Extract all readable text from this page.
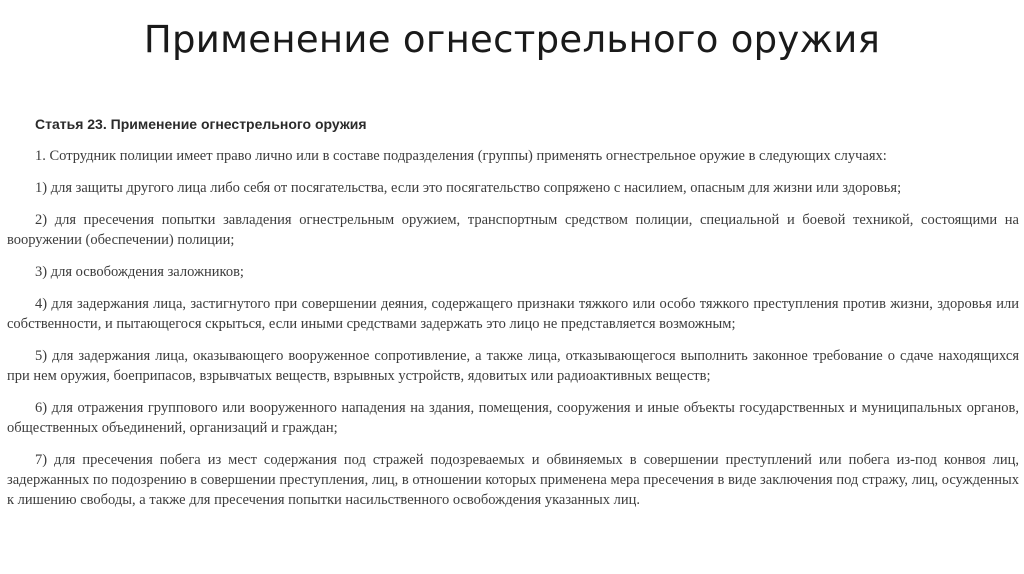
Применение огнестрельного оружия
Статья 23. Применение огнестрельного оружия

1. Сотрудник полиции имеет право лично или в составе подразделения (группы) применять огнестрельное оружие в следующих случаях:

1) для защиты другого лица либо себя от посягательства, если это посягательство сопряжено с насилием, опасным для жизни или здоровья;

2) для пресечения попытки завладения огнестрельным оружием, транспортным средством полиции, специальной и боевой техникой, состоящими на вооружении (обеспечении) полиции;

3) для освобождения заложников;

4) для задержания лица, застигнутого при совершении деяния, содержащего признаки тяжкого или особо тяжкого преступления против жизни, здоровья или собственности, и пытающегося скрыться, если иными средствами задержать это лицо не представляется возможным;

5) для задержания лица, оказывающего вооруженное сопротивление, а также лица, отказывающегося выполнить законное требование о сдаче находящихся при нем оружия, боеприпасов, взрывчатых веществ, взрывных устройств, ядовитых или радиоактивных веществ;

6) для отражения группового или вооруженного нападения на здания, помещения, сооружения и иные объекты государственных и муниципальных органов, общественных объединений, организаций и граждан;

7) для пресечения побега из мест содержания под стражей подозреваемых и обвиняемых в совершении преступлений или побега из-под конвоя лиц, задержанных по подозрению в совершении преступления, лиц, в отношении которых применена мера пресечения в виде заключения под стражу, лиц, осужденных к лишению свободы, а также для пресечения попытки насильственного освобождения указанных лиц.
